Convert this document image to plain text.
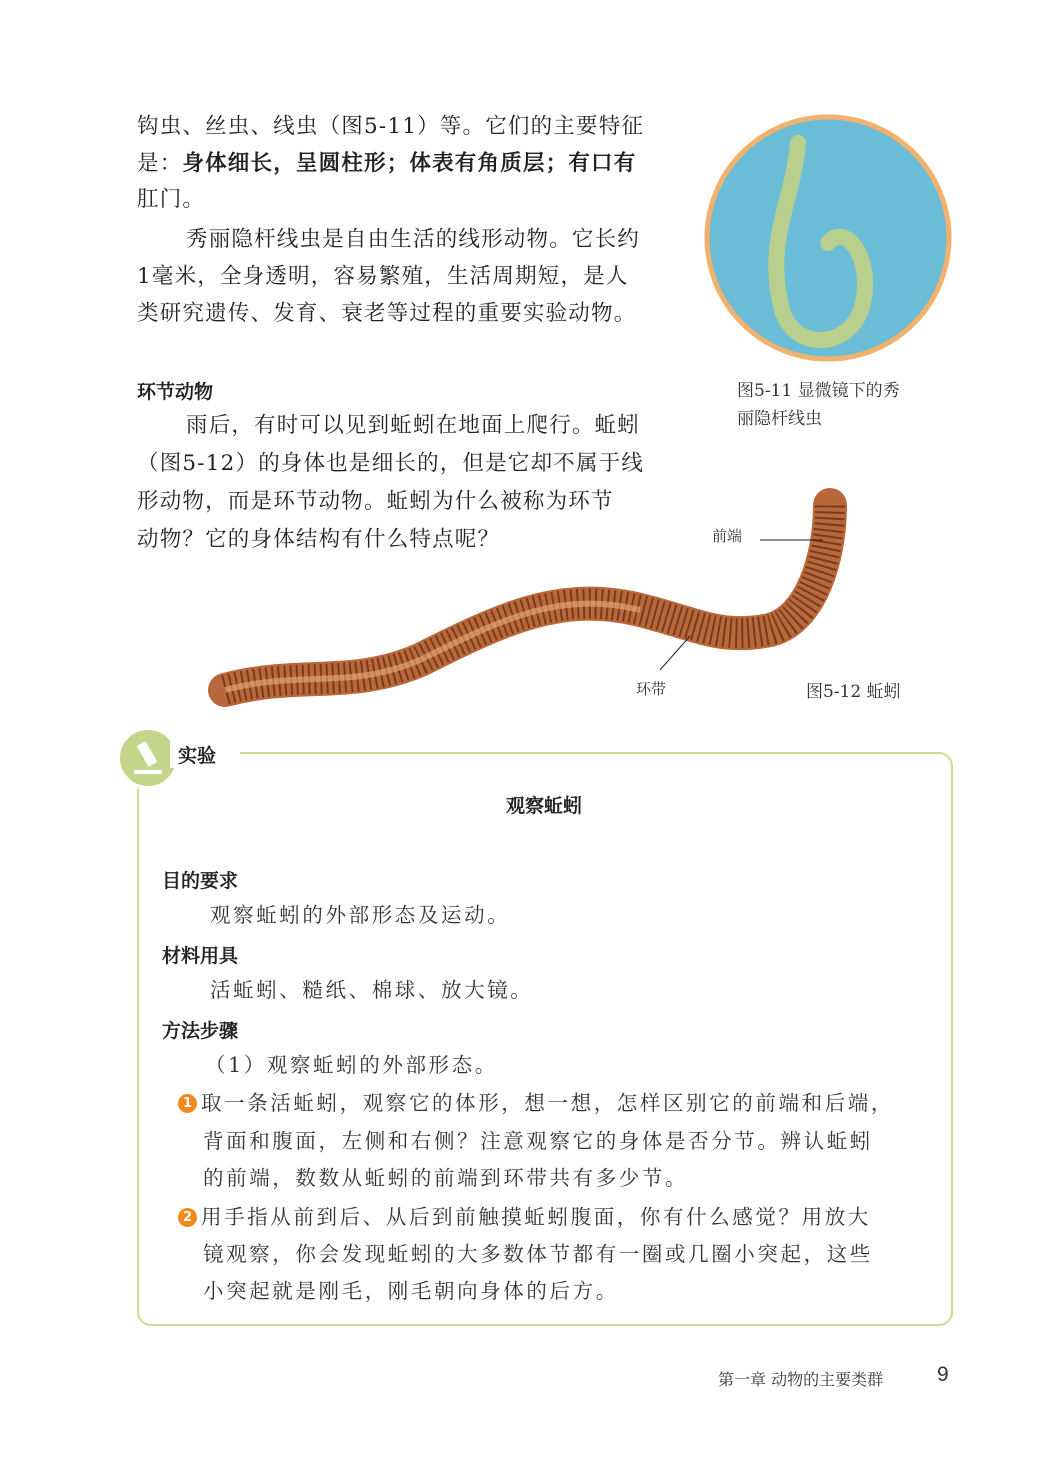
钩虫、丝虫、线虫（图5-11）等。它们的主要特征
是：身体细长，呈圆柱形；体表有角质层；有口有
肛门。
秀丽隐杆线虫是自由生活的线形动物。它长约
1毫米，全身透明，容易繁殖，生活周期短，是人
类研究遗传、发育、衰老等过程的重要实验动物。
图5-11 显微镜下的秀
丽隐杆线虫
环节动物
雨后，有时可以见到蚯蚓在地面上爬行。蚯蚓
（图5-12）的身体也是细长的，但是它却不属于线
形动物，而是环节动物。蚯蚓为什么被称为环节
动物？它的身体结构有什么特点呢？	前端
环带	图5-12 蚯蚓
实验
观察蚯蚓
目的要求
观察蚯蚓的外部形态及运动。
材料用具
活蚯蚓、糙纸、棉球、放大镜。
方法步骤
（1）观察蚯蚓的外部形态。
1 取一条活蚯蚓，观察它的体形，想一想，怎样区别它的前端和后端，
背面和腹面，左侧和右侧？注意观察它的身体是否分节。辨认蚯蚓
的前端，数数从蚯蚓的前端到环带共有多少节。
2 用手指从前到后、从后到前触摸蚯蚓腹面，你有什么感觉？用放大
镜观察，你会发现蚯蚓的大多数体节都有一圈或几圈小突起，这些
小突起就是刚毛，刚毛朝向身体的后方。
第一章 动物的主要类群	9
